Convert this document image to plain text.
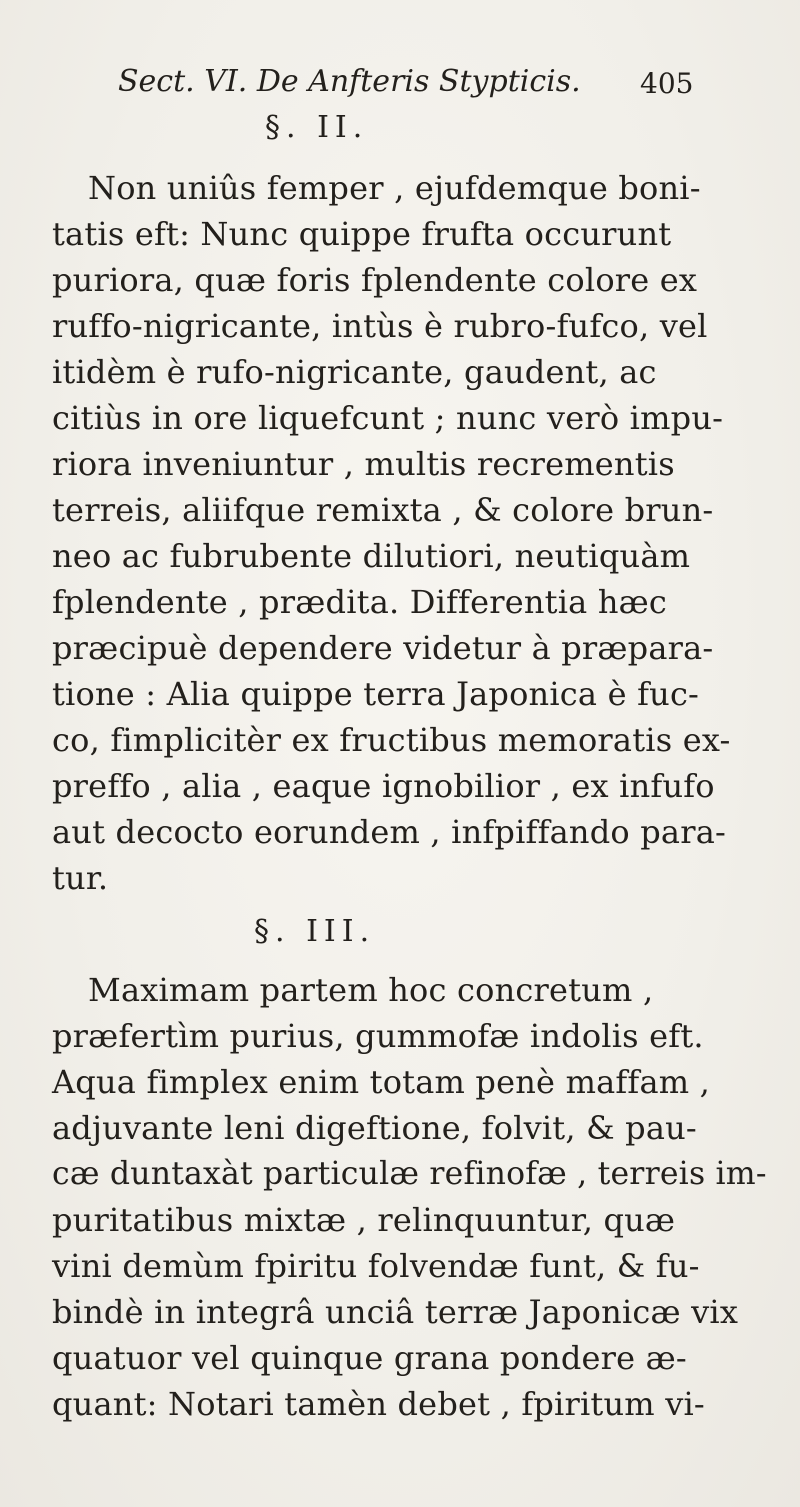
Sect. VI. De Anfteris Stypticis. 405
§. II.
Non uniûs femper , ejufdemque boni-
tatis eft: Nunc quippe frufta occurunt
puriora, quæ foris fplendente colore ex
ruffo-nigricante, intùs è rubro-fufco, vel
itidèm è rufo-nigricante, gaudent, ac
citiùs in ore liquefcunt ; nunc verò impu-
riora inveniuntur , multis recrementis
terreis, aliifque remixta , & colore brun-
neo ac fubrubente dilutiori, neutiquàm
fplendente , prædita. Differentia hæc
præcipuè dependere videtur à præpara-
tione : Alia quippe terra Japonica è fuc-
co, fimplicitèr ex fructibus memoratis ex-
preffo , alia , eaque ignobilior , ex infufo
aut decocto eorundem , infpiffando para-
tur.
§. III.
Maximam partem hoc concretum ,
præfertìm purius, gummofæ indolis eft.
Aqua fimplex enim totam penè maffam ,
adjuvante leni digeftione, folvit, & pau-
cæ duntaxàt particulæ refinofæ , terreis im-
puritatibus mixtæ , relinquuntur, quæ
vini demùm fpiritu folvendæ funt, & fu-
bindè in integrâ unciâ terræ Japonicæ vix
quatuor vel quinque grana pondere æ-
quant: Notari tamèn debet , fpiritum vi-
